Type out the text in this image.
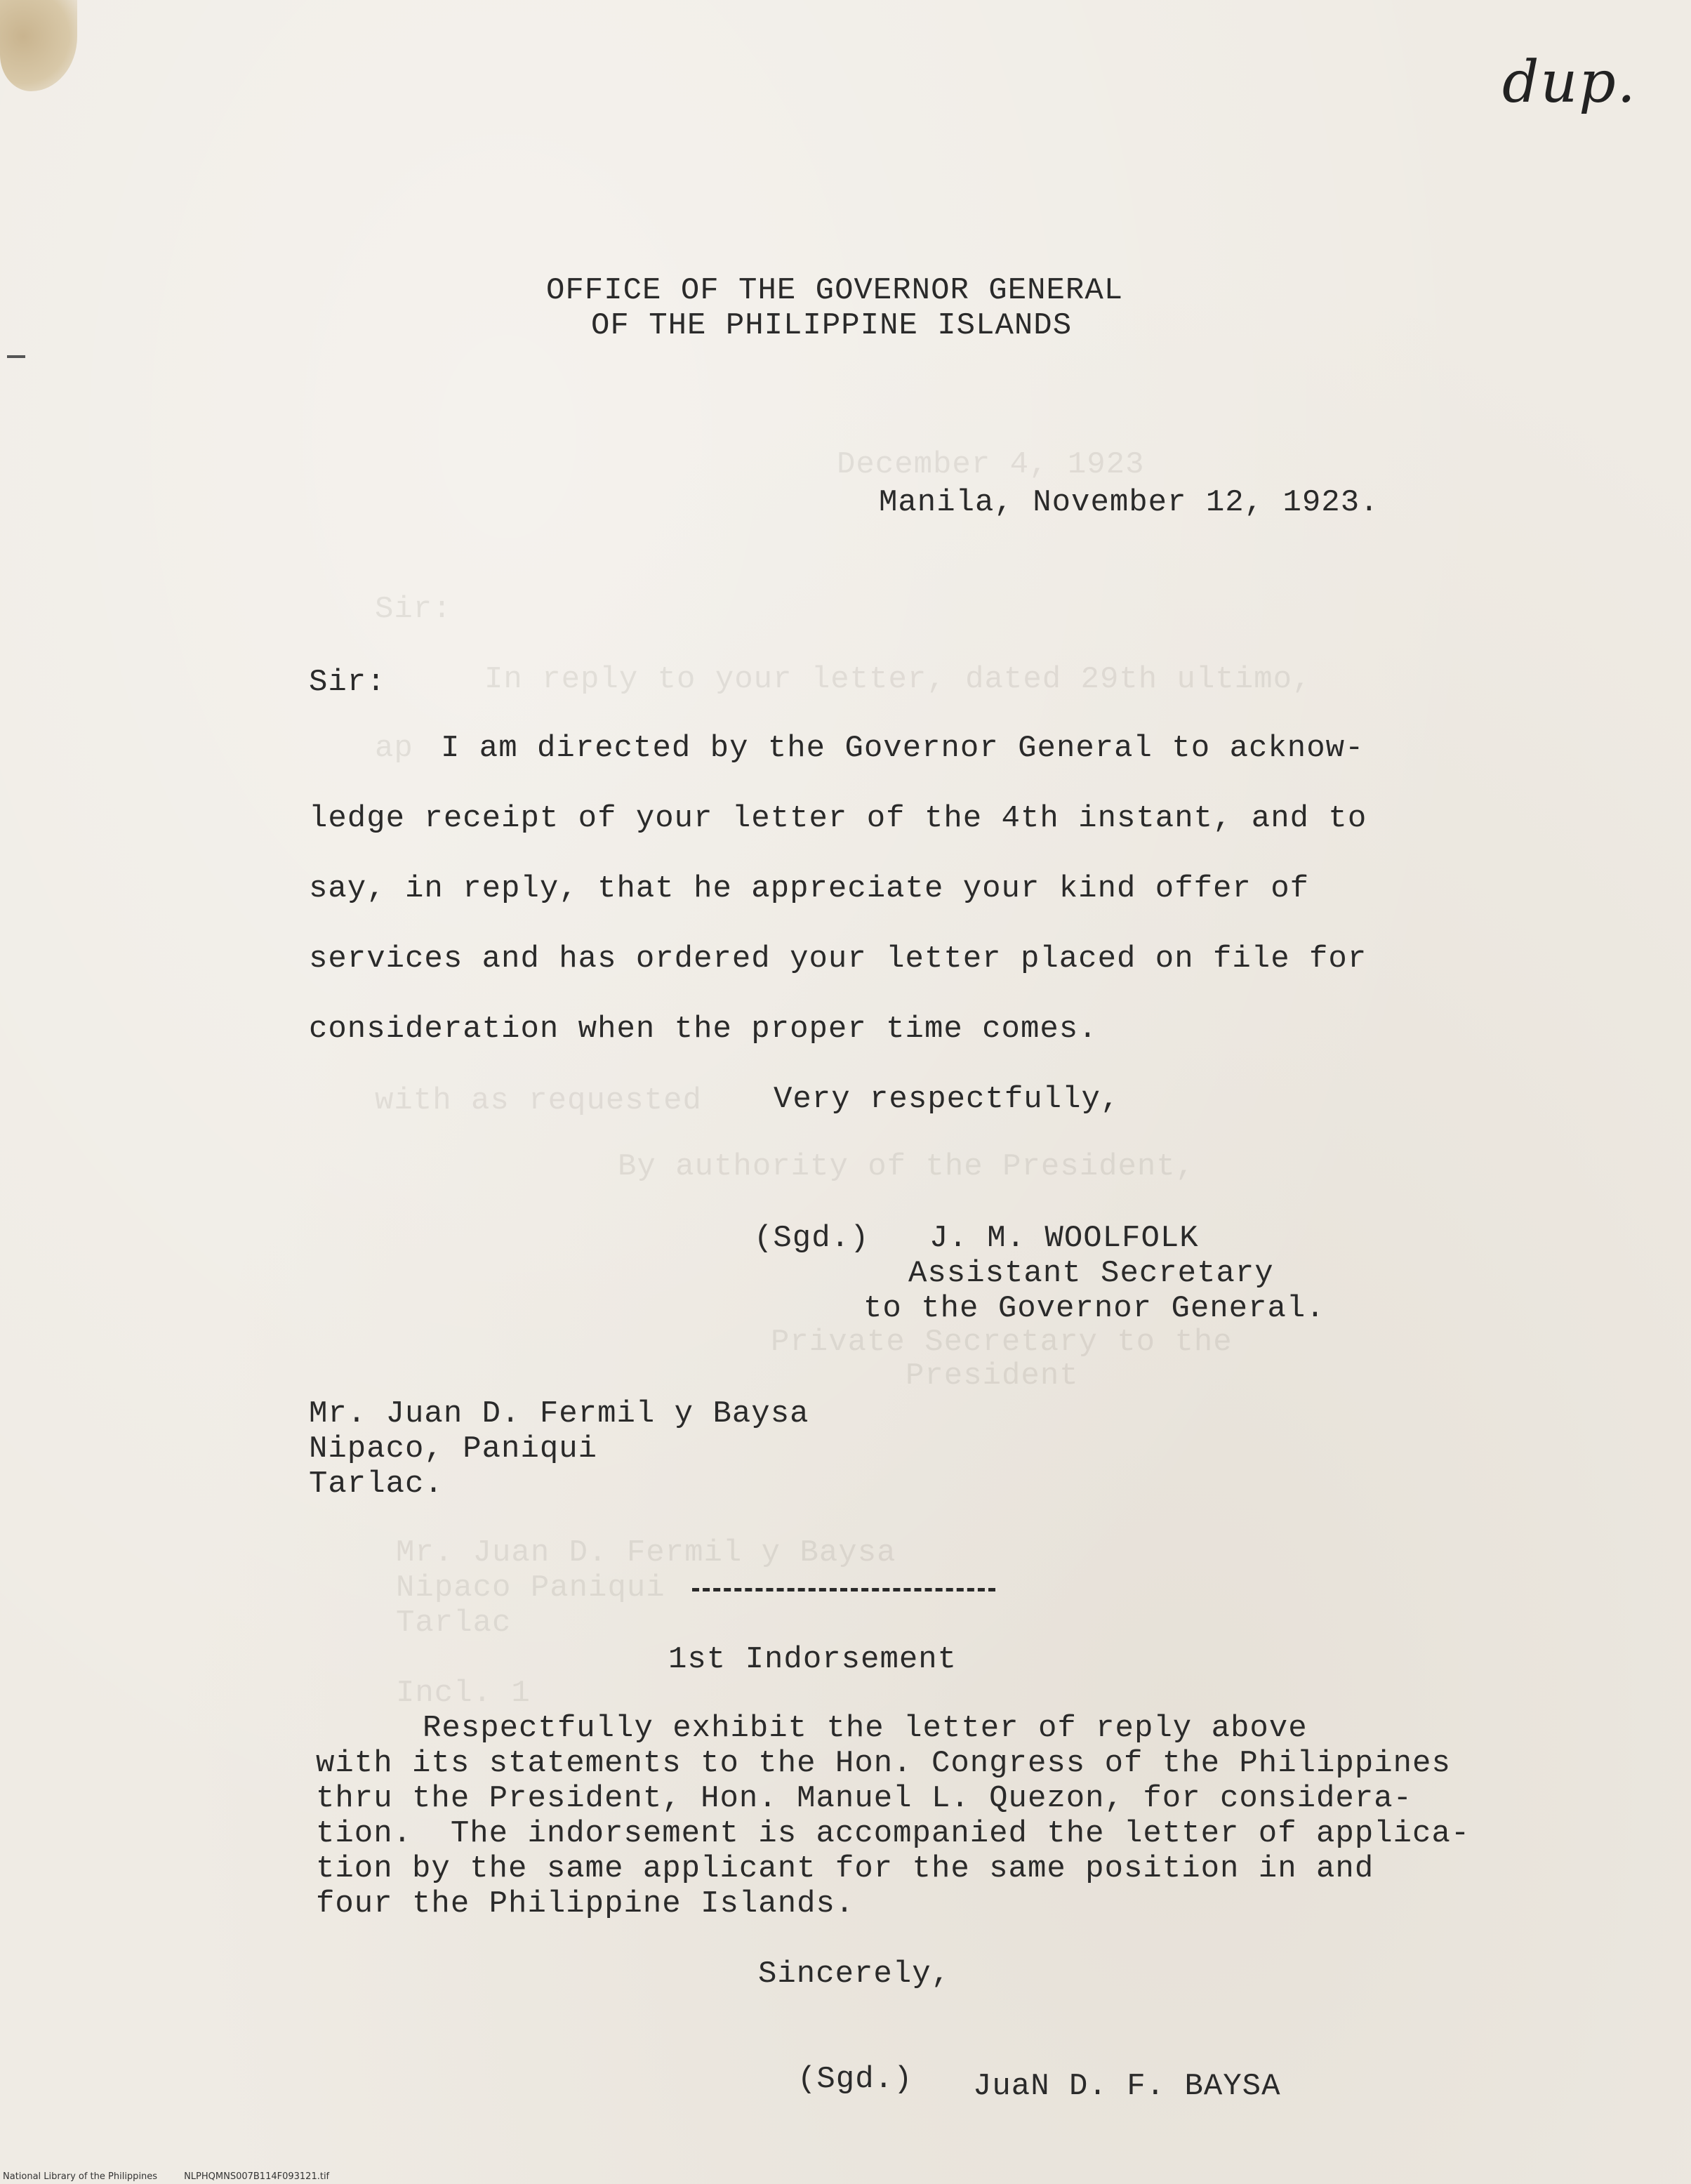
December 4, 1923
Sir:
In reply to your letter, dated 29th ultimo,
ap
with as requested
By authority of the President,
Private Secretary to the
President
Mr. Juan D. Fermil y Baysa
Nipaco Paniqui
Tarlac
Incl. 1
dup.
OFFICE OF THE GOVERNOR GENERAL
OF THE PHILIPPINE ISLANDS
Manila, November 12, 1923.
Sir:
I am directed by the Governor General to acknow-
ledge receipt of your letter of the 4th instant, and to
say, in reply, that he appreciate your kind offer of
services and has ordered your letter placed on file for
consideration when the proper time comes.
Very respectfully,
(Sgd.) J. M. WOOLFOLK
Assistant Secretary
to the Governor General.
Mr. Juan D. Fermil y Baysa
Nipaco, Paniqui
Tarlac.
1st Indorsement
Respectfully exhibit the letter of reply above
with its statements to the Hon. Congress of the Philippines
thru the President, Hon. Manuel L. Quezon, for considera-
tion.  The indorsement is accompanied the letter of applica-
tion by the same applicant for the same position in and
four the Philippine Islands.
Sincerely,
(Sgd.) JuaN D. F. BAYSA
National Library of the Philippines	NLPHQMNS007B114F093121.tif
